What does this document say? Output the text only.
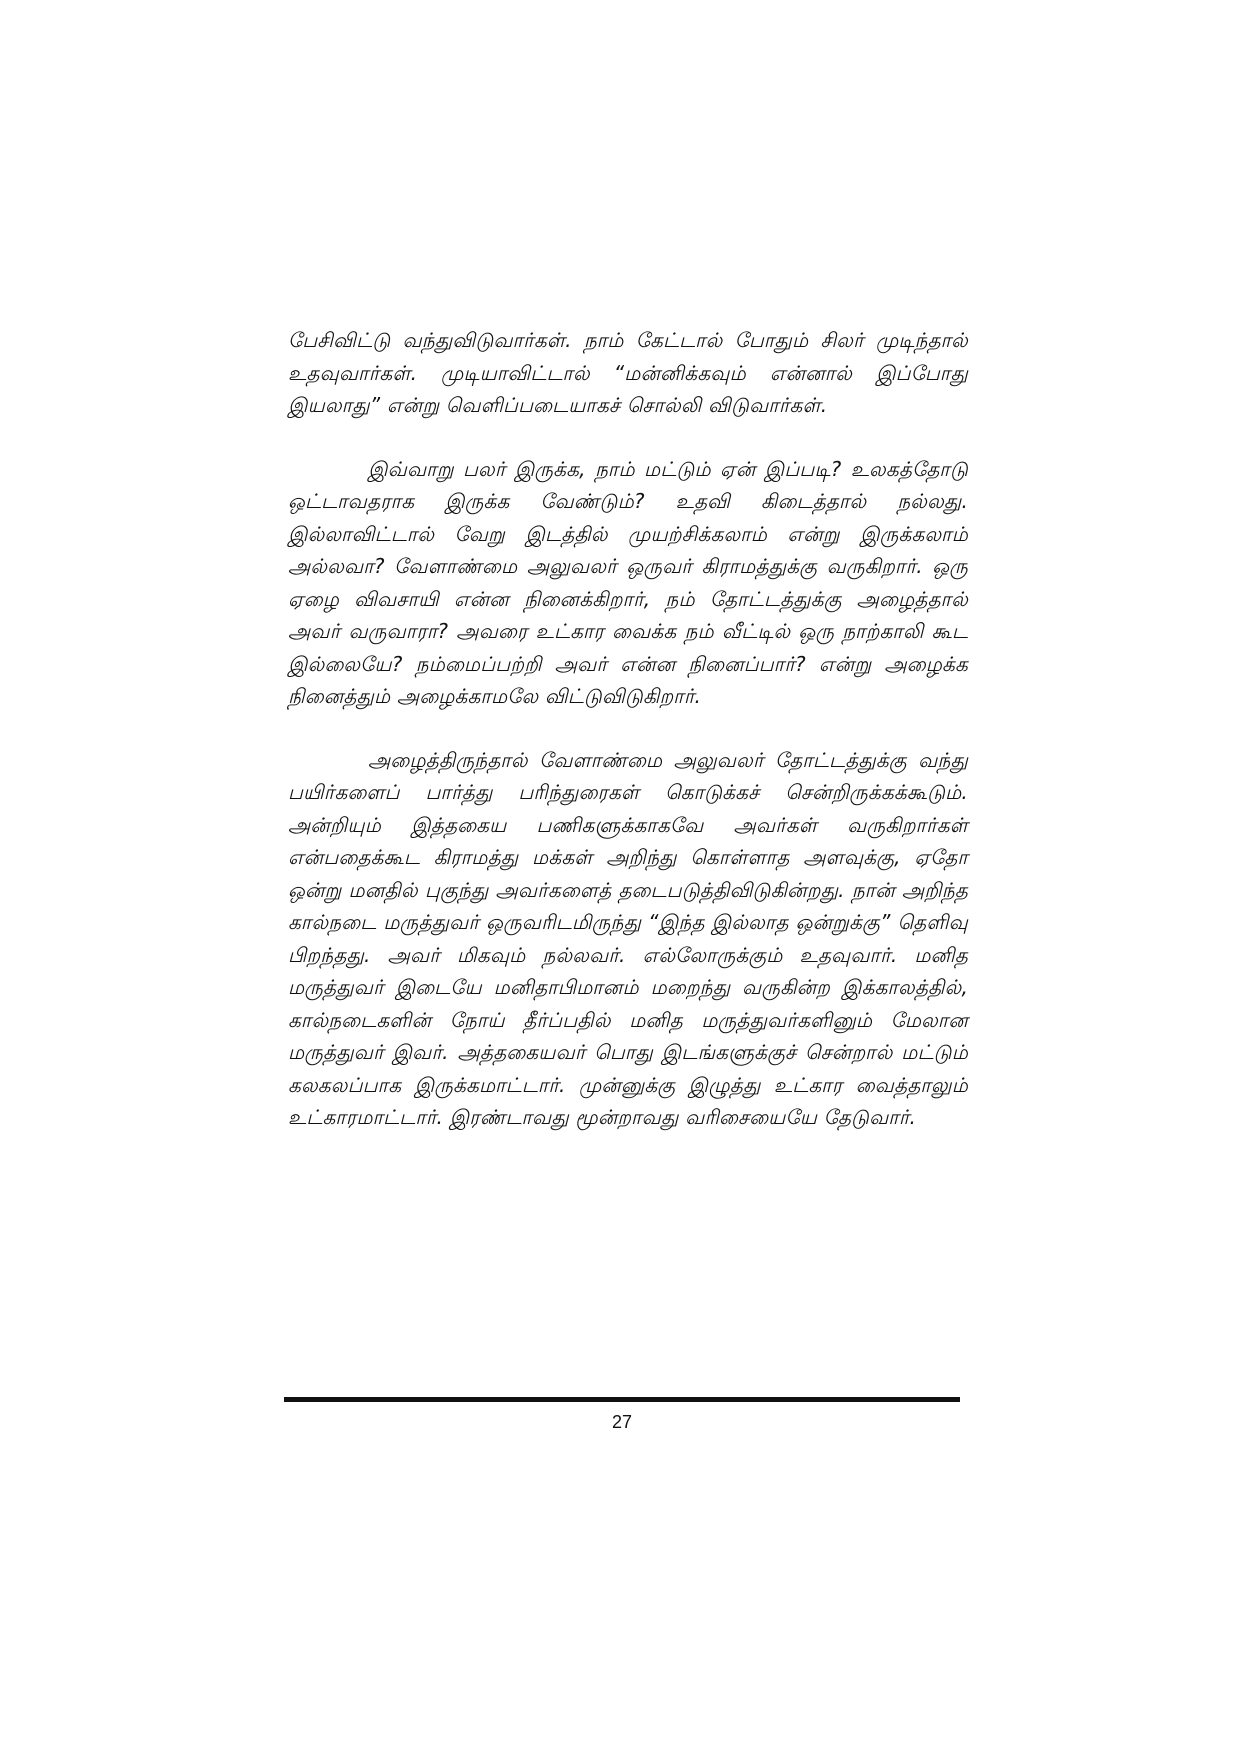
பேசிவிட்டு வந்துவிடுவார்கள். நாம் கேட்டால் போதும் சிலர் முடிந்தால் உதவுவார்கள். முடியாவிட்டால் “மன்னிக்கவும் என்னால் இப்போது இயலாது” என்று வெளிப்படையாகச் சொல்லி விடுவார்கள்.

இவ்வாறு பலர் இருக்க, நாம் மட்டும் ஏன் இப்படி? உலகத்தோடு ஒட்டாவதராக இருக்க வேண்டும்? உதவி கிடைத்தால் நல்லது. இல்லாவிட்டால் வேறு இடத்தில் முயற்சிக்கலாம் என்று இருக்கலாம் அல்லவா? வேளாண்மை அலுவலர் ஒருவர் கிராமத்துக்கு வருகிறார். ஒரு ஏழை விவசாயி என்ன நினைக்கிறார், நம் தோட்டத்துக்கு அழைத்தால் அவர் வருவாரா? அவரை உட்கார வைக்க நம் வீட்டில் ஒரு நாற்காலி கூட இல்லையே? நம்மைப்பற்றி அவர் என்ன நினைப்பார்? என்று அழைக்க நினைத்தும் அழைக்காமலே விட்டுவிடுகிறார்.

அழைத்திருந்தால் வேளாண்மை அலுவலர் தோட்டத்துக்கு வந்து பயிர்களைப் பார்த்து பரிந்துரைகள் கொடுக்கச் சென்றிருக்கக்கூடும். அன்றியும் இத்தகைய பணிகளுக்காகவே அவர்கள் வருகிறார்கள் என்பதைக்கூட கிராமத்து மக்கள் அறிந்து கொள்ளாத அளவுக்கு, ஏதோ ஒன்று மனதில் புகுந்து அவர்களைத் தடைபடுத்திவிடுகின்றது. நான் அறிந்த கால்நடை மருத்துவர் ஒருவரிடமிருந்து “இந்த இல்லாத ஒன்றுக்கு” தெளிவு பிறந்தது. அவர் மிகவும் நல்லவர். எல்லோருக்கும் உதவுவார். மனித மருத்துவர் இடையே மனிதாபிமானம் மறைந்து வருகின்ற இக்காலத்தில், கால்நடைகளின் நோய் தீர்ப்பதில் மனித மருத்துவர்களினும் மேலான மருத்துவர் இவர். அத்தகையவர் பொது இடங்களுக்குச் சென்றால் மட்டும் கலகலப்பாக இருக்கமாட்டார். முன்னுக்கு இழுத்து உட்கார வைத்தாலும் உட்காரமாட்டார். இரண்டாவது மூன்றாவது வரிசையையே தேடுவார்.

27
